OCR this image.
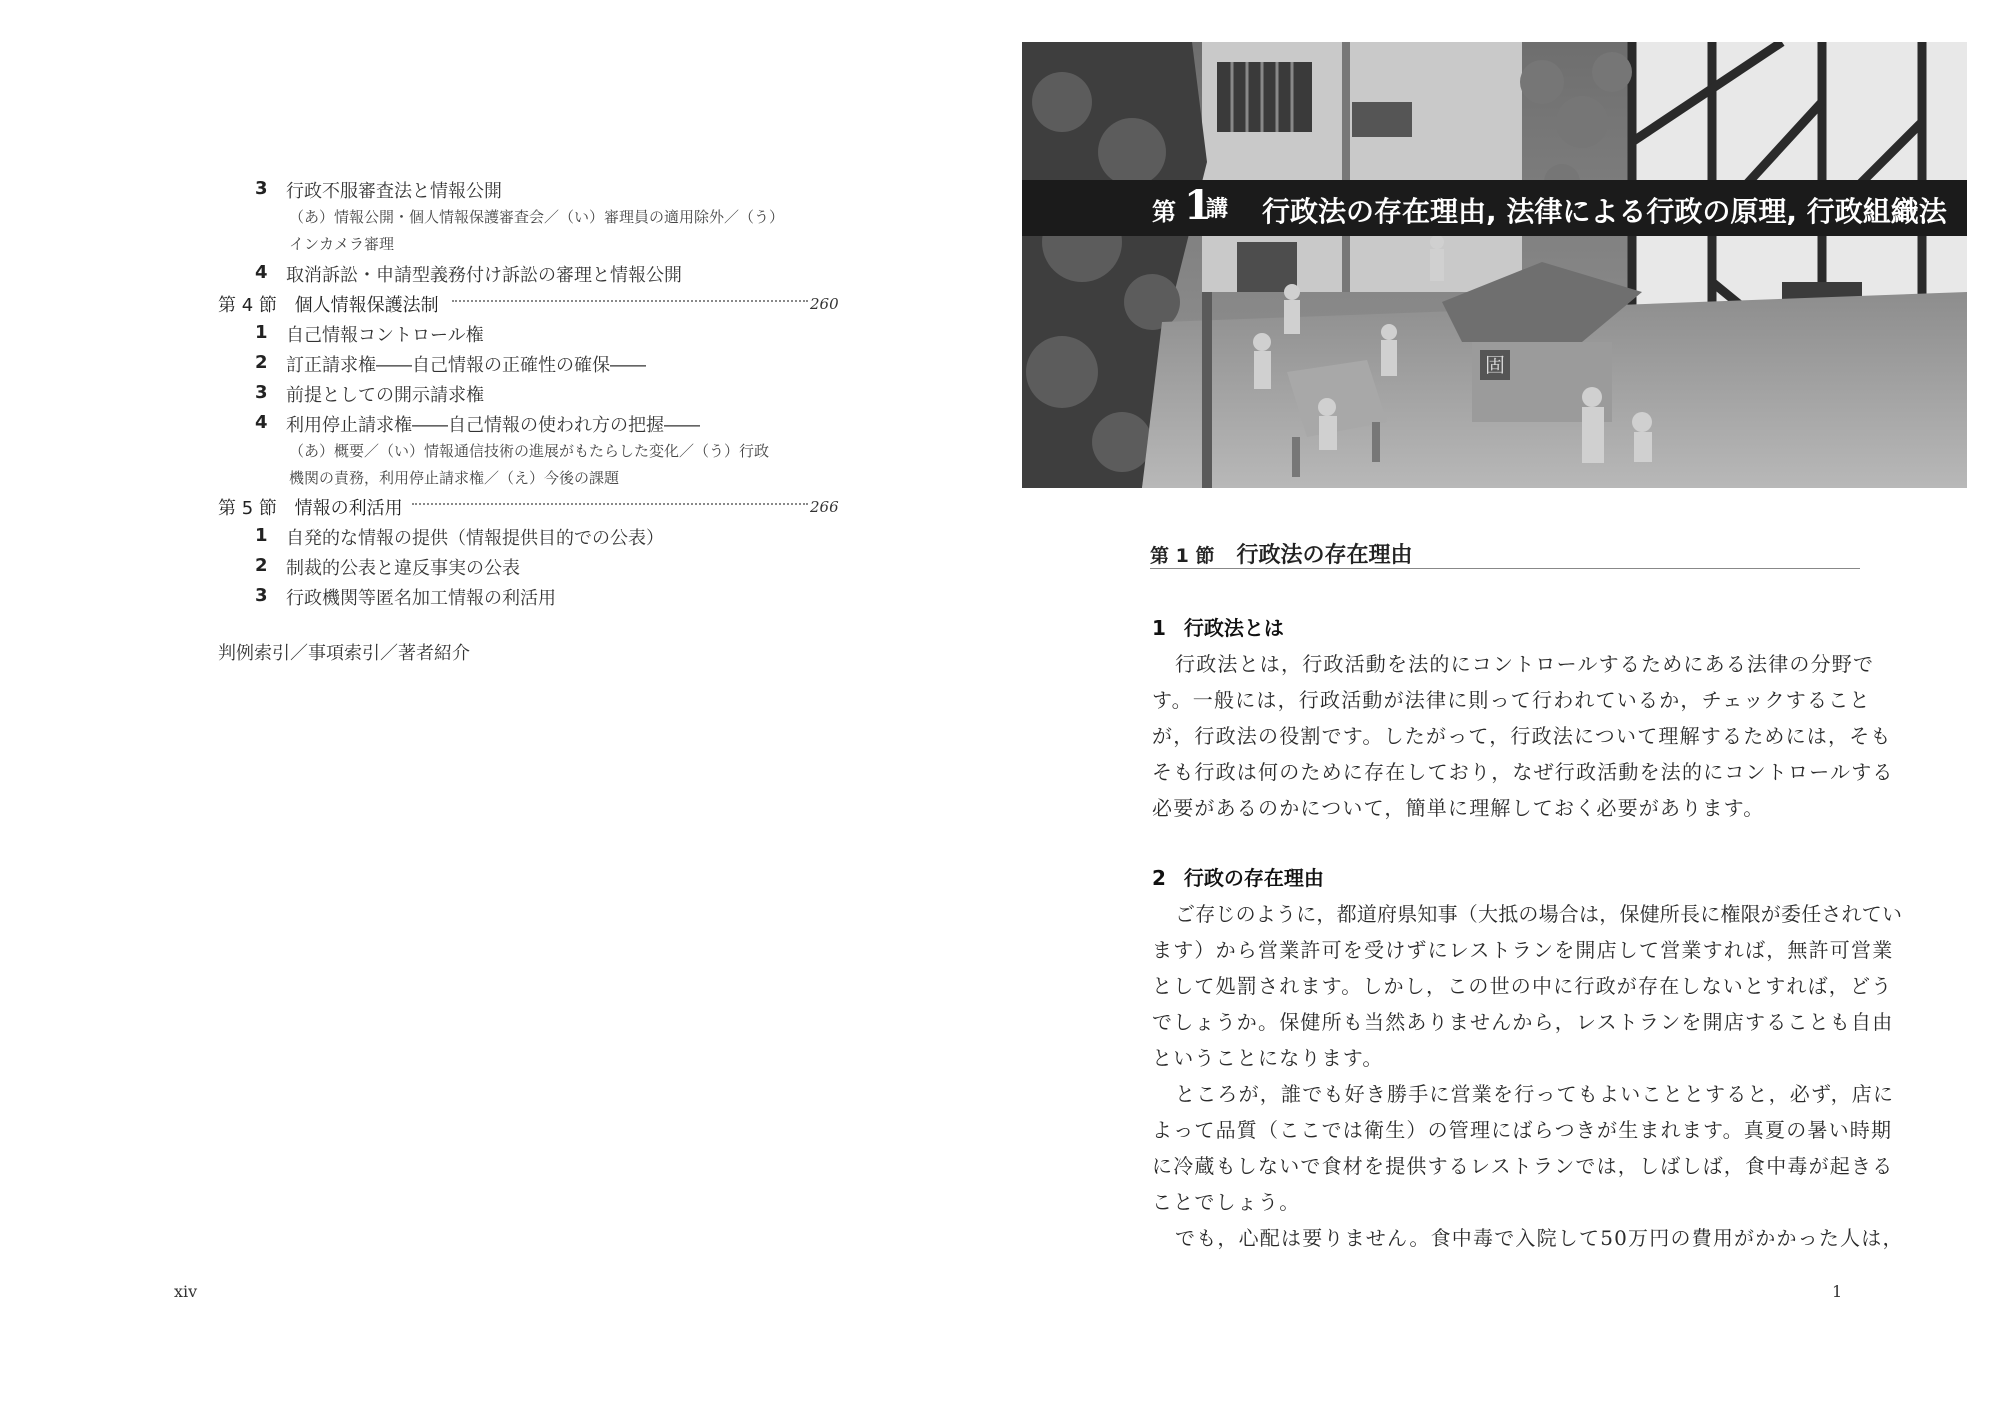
3 行政不服審査法と情報公開
（あ）情報公開・個人情報保護審査会／（い）審理員の適用除外／（う）
インカメラ審理
4 取消訴訟・申請型義務付け訴訟の審理と情報公開
第 4 節 個人情報保護法制	260
1 自己情報コントロール権
2 訂正請求権――自己情報の正確性の確保――
3 前提としての開示請求権
4 利用停止請求権――自己情報の使われ方の把握――
（あ）概要／（い）情報通信技術の進展がもたらした変化／（う）行政
機関の責務，利用停止請求権／（え）今後の課題
第 5 節 情報の利活用	266
1 自発的な情報の提供（情報提供目的での公表）
2 制裁的公表と違反事実の公表
3 行政機関等匿名加工情報の利活用
判例索引／事項索引／著者紹介
xiv
固
第 1
講 行政法の存在理由, 法律による行政の原理, 行政組織法
第 1 節 行政法の存在理由
1 行政法とは
行政法とは，行政活動を法的にコントロールするためにある法律の分野で
す。一般には，行政活動が法律に則って行われているか，チェックすること
が，行政法の役割です。したがって，行政法について理解するためには，そも
そも行政は何のために存在しており，なぜ行政活動を法的にコントロールする
必要があるのかについて，簡単に理解しておく必要があります。
2 行政の存在理由
ご存じのように，都道府県知事（大抵の場合は，保健所長に権限が委任されてい
ます）から営業許可を受けずにレストランを開店して営業すれば，無許可営業
として処罰されます。しかし，この世の中に行政が存在しないとすれば，どう
でしょうか。保健所も当然ありませんから，レストランを開店することも自由
ということになります。
ところが，誰でも好き勝手に営業を行ってもよいこととすると，必ず，店に
よって品質（ここでは衛生）の管理にばらつきが生まれます。真夏の暑い時期
に冷蔵もしないで食材を提供するレストランでは，しばしば，食中毒が起きる
ことでしょう。
でも，心配は要りません。食中毒で入院して50万円の費用がかかった人は，
1
